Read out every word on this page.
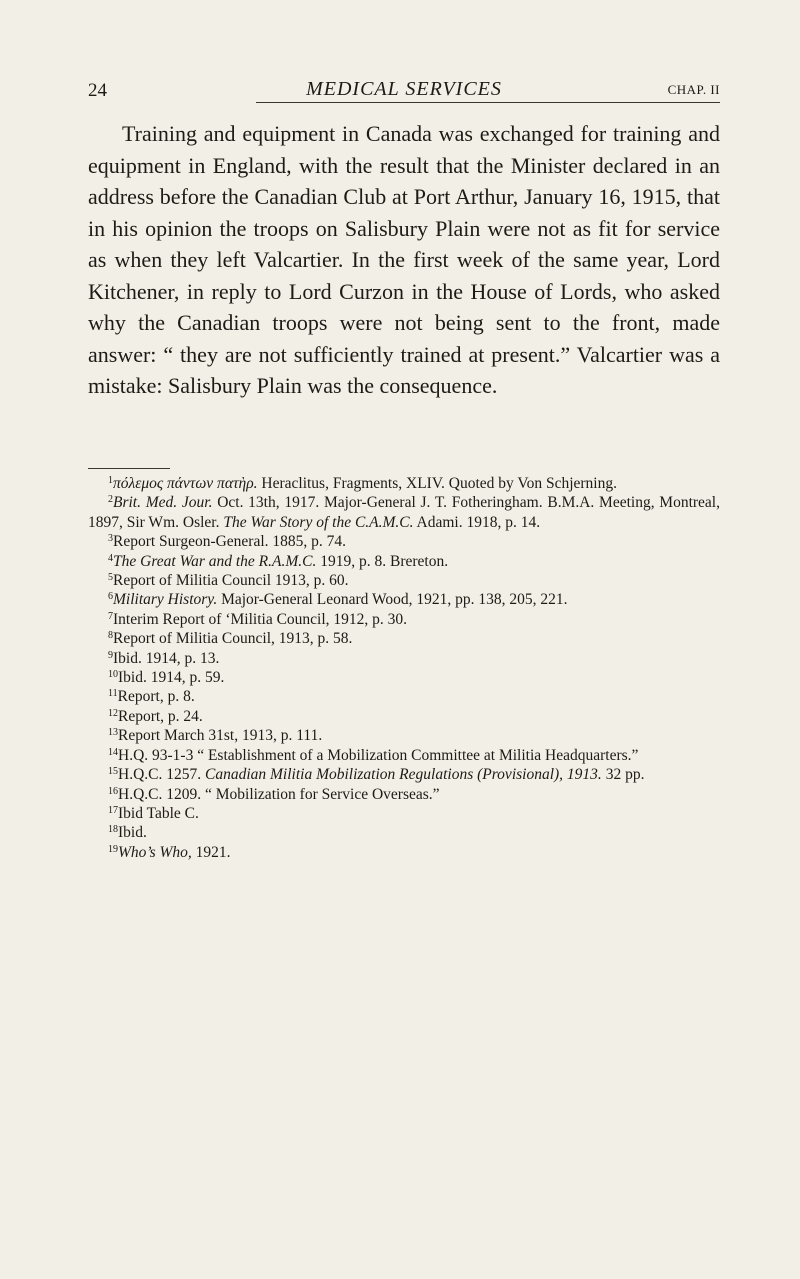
24	MEDICAL SERVICES	CHAP. II

Training and equipment in Canada was exchanged for training and equipment in England, with the result that the Minister declared in an address before the Canadian Club at Port Arthur, January 16, 1915, that in his opinion the troops on Salisbury Plain were not as fit for service as when they left Valcartier. In the first week of the same year, Lord Kitchener, in reply to Lord Curzon in the House of Lords, who asked why the Canadian troops were not being sent to the front, made answer: “ they are not sufficiently trained at present.” Valcartier was a mistake: Salisbury Plain was the consequence.

$^1$πόλεμος πάντων πατὴρ. Heraclitus, Fragments, XLIV. Quoted by Von Schjerning.
$^2$Brit. Med. Jour. Oct. 13th, 1917. Major-General J. T. Fotheringham. B.M.A. Meeting, Montreal, 1897, Sir Wm. Osler. The War Story of the C.A.M.C. Adami. 1918, p. 14.
$^3$Report Surgeon-General. 1885, p. 74.
$^4$The Great War and the R.A.M.C. 1919, p. 8. Brereton.
$^5$Report of Militia Council 1913, p. 60.
$^6$Military History. Major-General Leonard Wood, 1921, pp. 138, 205, 221.
$^7$Interim Report of ‘Militia Council, 1912, p. 30.
$^8$Report of Militia Council, 1913, p. 58.
$^9$Ibid. 1914, p. 13.
$^{10}$Ibid. 1914, p. 59.
$^{11}$Report, p. 8.
$^{12}$Report, p. 24.
$^{13}$Report March 31st, 1913, p. 111.
$^{14}$H.Q. 93-1-3 “ Establishment of a Mobilization Committee at Militia Headquarters.”
$^{15}$H.Q.C. 1257. Canadian Militia Mobilization Regulations (Provisional), 1913. 32 pp.
$^{16}$H.Q.C. 1209. “ Mobilization for Service Overseas.”
$^{17}$Ibid Table C.
$^{18}$Ibid.
$^{19}$Who’s Who, 1921.
